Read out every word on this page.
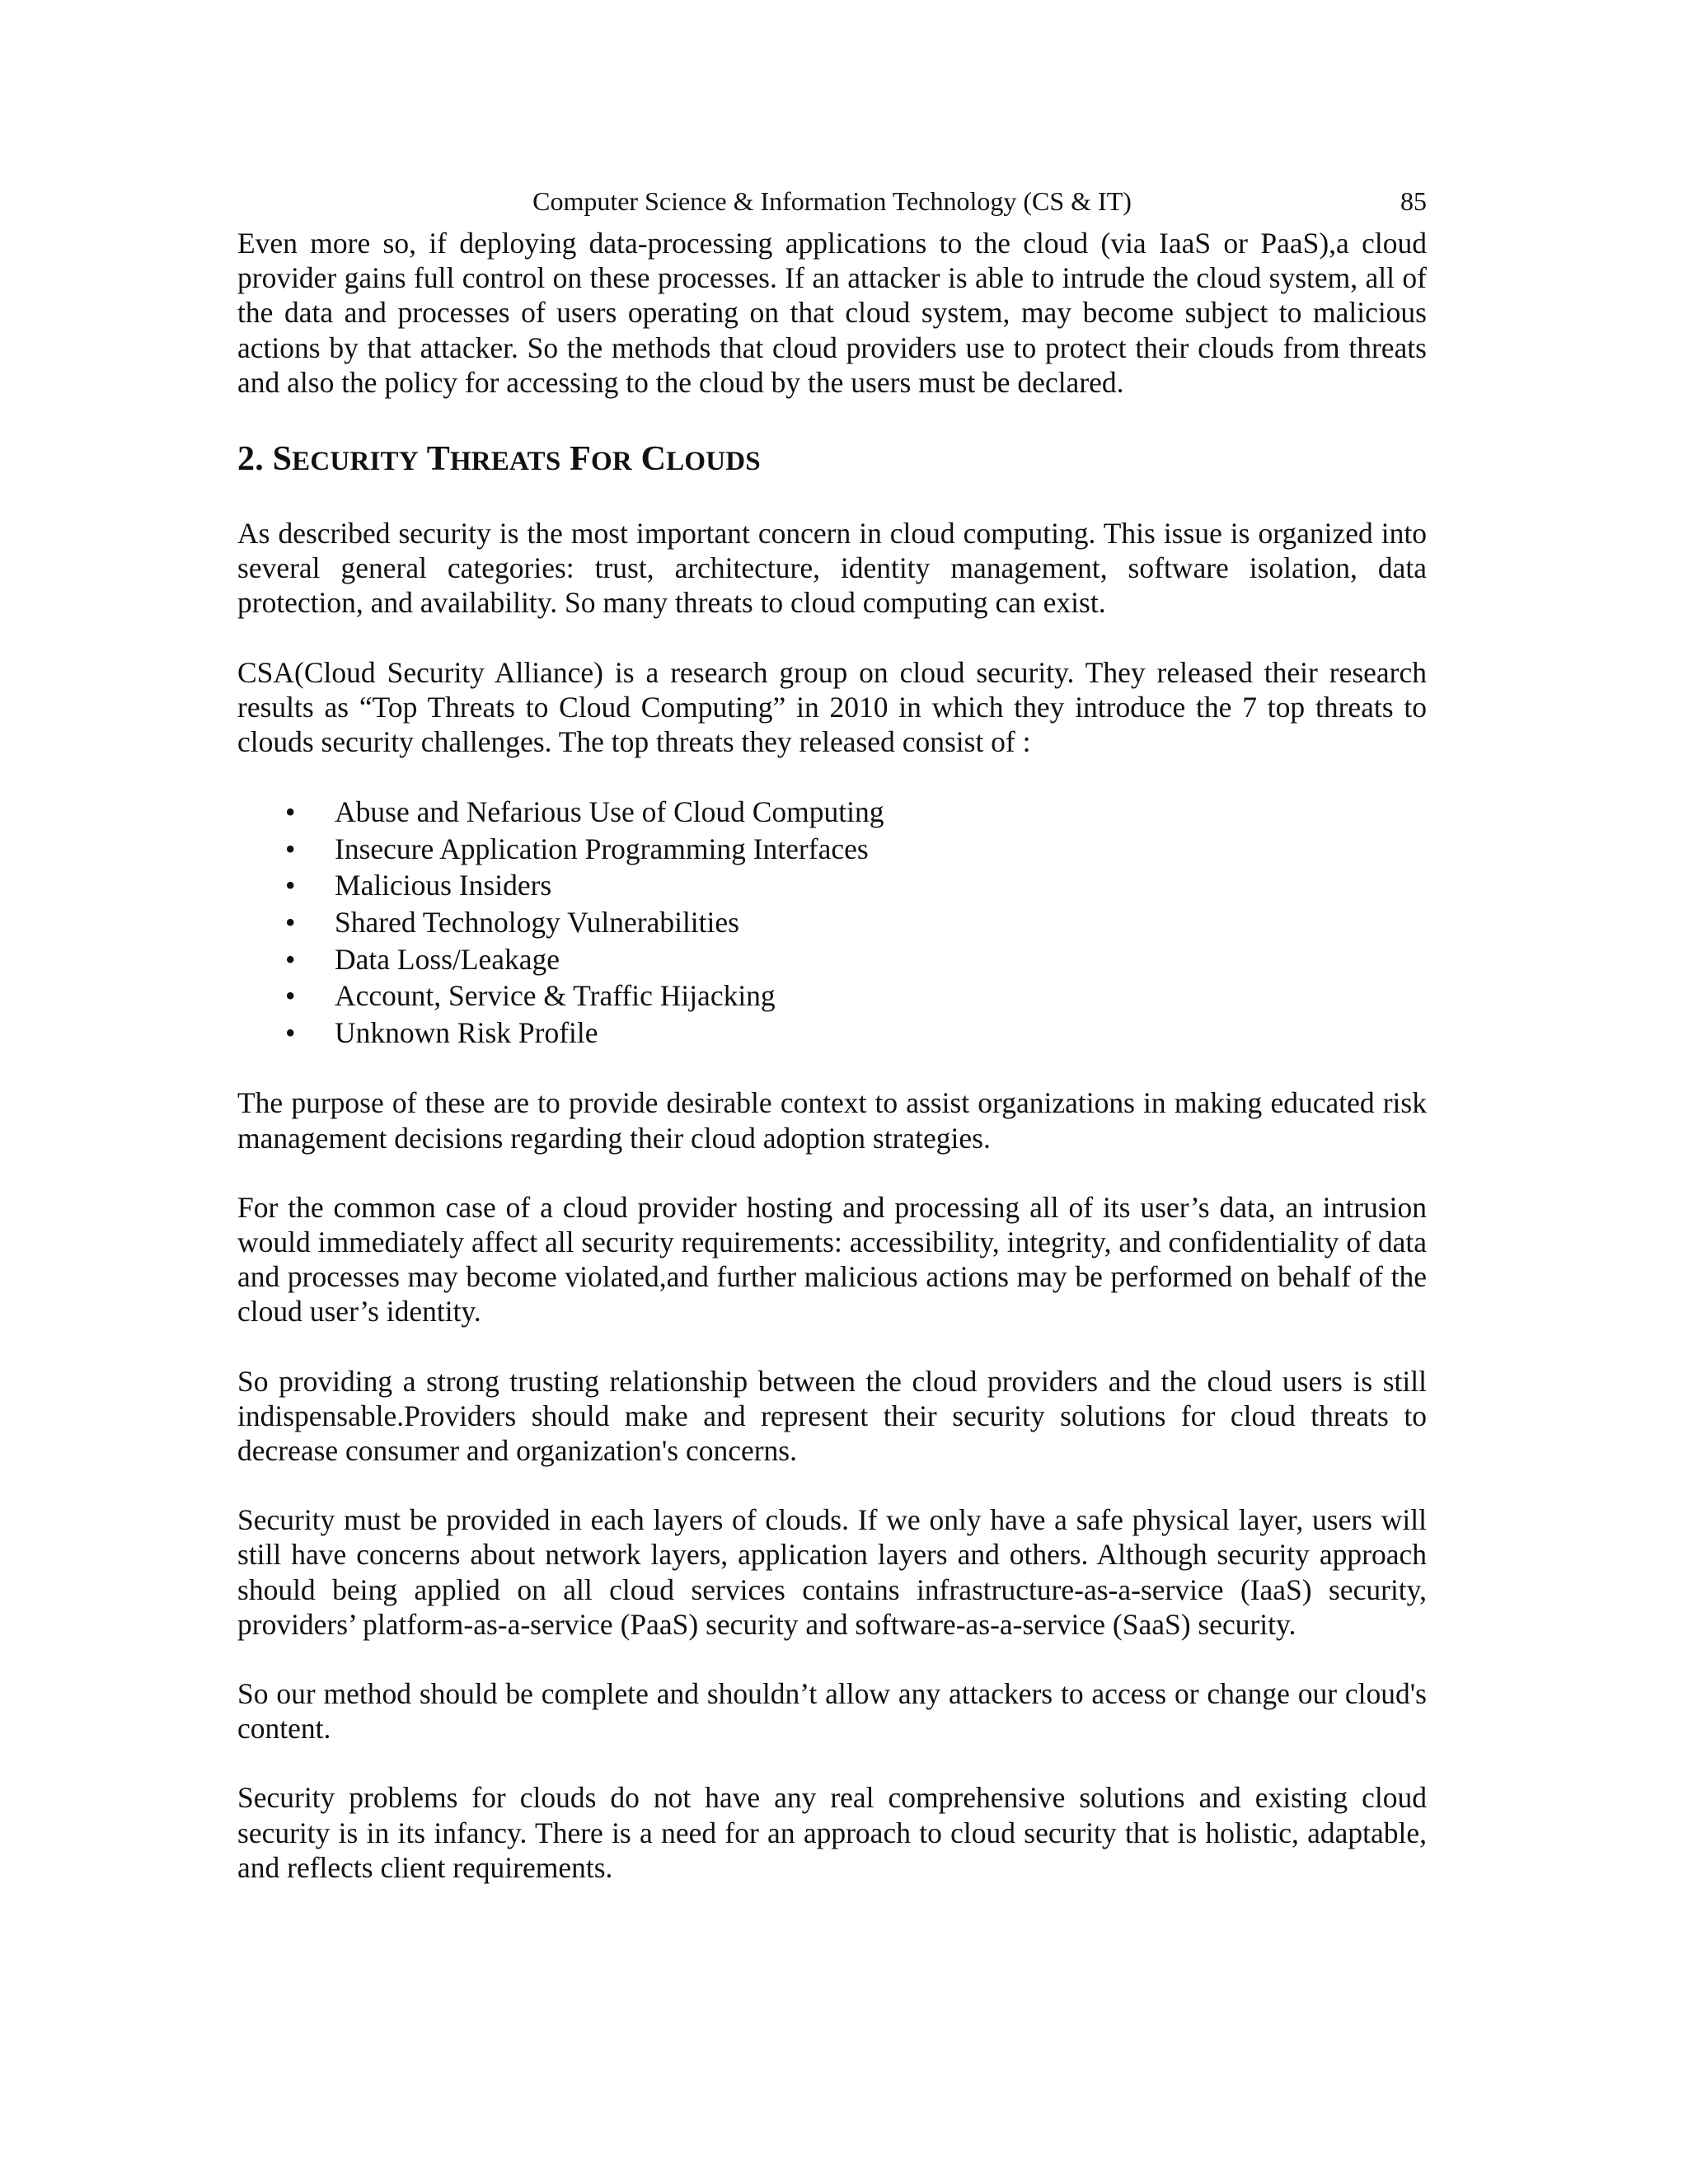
Computer Science & Information Technology (CS & IT)	85

Even more so, if deploying data-processing applications to the cloud (via IaaS or PaaS),a cloud provider gains full control on these processes. If an attacker is able to intrude the cloud system, all of the data and processes of users operating on that cloud system, may become subject to malicious actions by that attacker. So the methods that cloud providers use to protect their clouds from threats and also the policy for accessing to the cloud by the users must be declared.

2. SECURITY THREATS FOR CLOUDS

As described security is the most important concern in cloud computing. This issue is organized into several general categories: trust, architecture, identity management, software isolation, data protection, and availability. So many threats to cloud computing can exist.

CSA(Cloud Security Alliance) is a research group on cloud security. They released their research results as “Top Threats to Cloud Computing” in 2010 in which they introduce the 7 top threats to clouds security challenges. The top threats they released consist of :

• Abuse and Nefarious Use of Cloud Computing
• Insecure Application Programming Interfaces
• Malicious Insiders
• Shared Technology Vulnerabilities
• Data Loss/Leakage
• Account, Service & Traffic Hijacking
• Unknown Risk Profile

The purpose of these are to provide desirable context to assist organizations in making educated risk management decisions regarding their cloud adoption strategies.

For the common case of a cloud provider hosting and processing all of its user’s data, an intrusion would immediately affect all security requirements: accessibility, integrity, and confidentiality of data and processes may become violated,and further malicious actions may be performed on behalf of the cloud user’s identity.

So providing a strong trusting relationship between the cloud providers and the cloud users is still indispensable.Providers should make and represent their security solutions for cloud threats to decrease consumer and organization's concerns.

Security must be provided in each layers of clouds. If we only have a safe physical layer, users will still have concerns about network layers, application layers and others. Although security approach should being applied on all cloud services contains infrastructure-as-a-service (IaaS) security, providers’ platform-as-a-service (PaaS) security and software-as-a-service (SaaS) security.

So our method should be complete and shouldn’t allow any attackers to access or change our cloud's content.

Security problems for clouds do not have any real comprehensive solutions and existing cloud security is in its infancy. There is a need for an approach to cloud security that is holistic, adaptable, and reflects client requirements.
